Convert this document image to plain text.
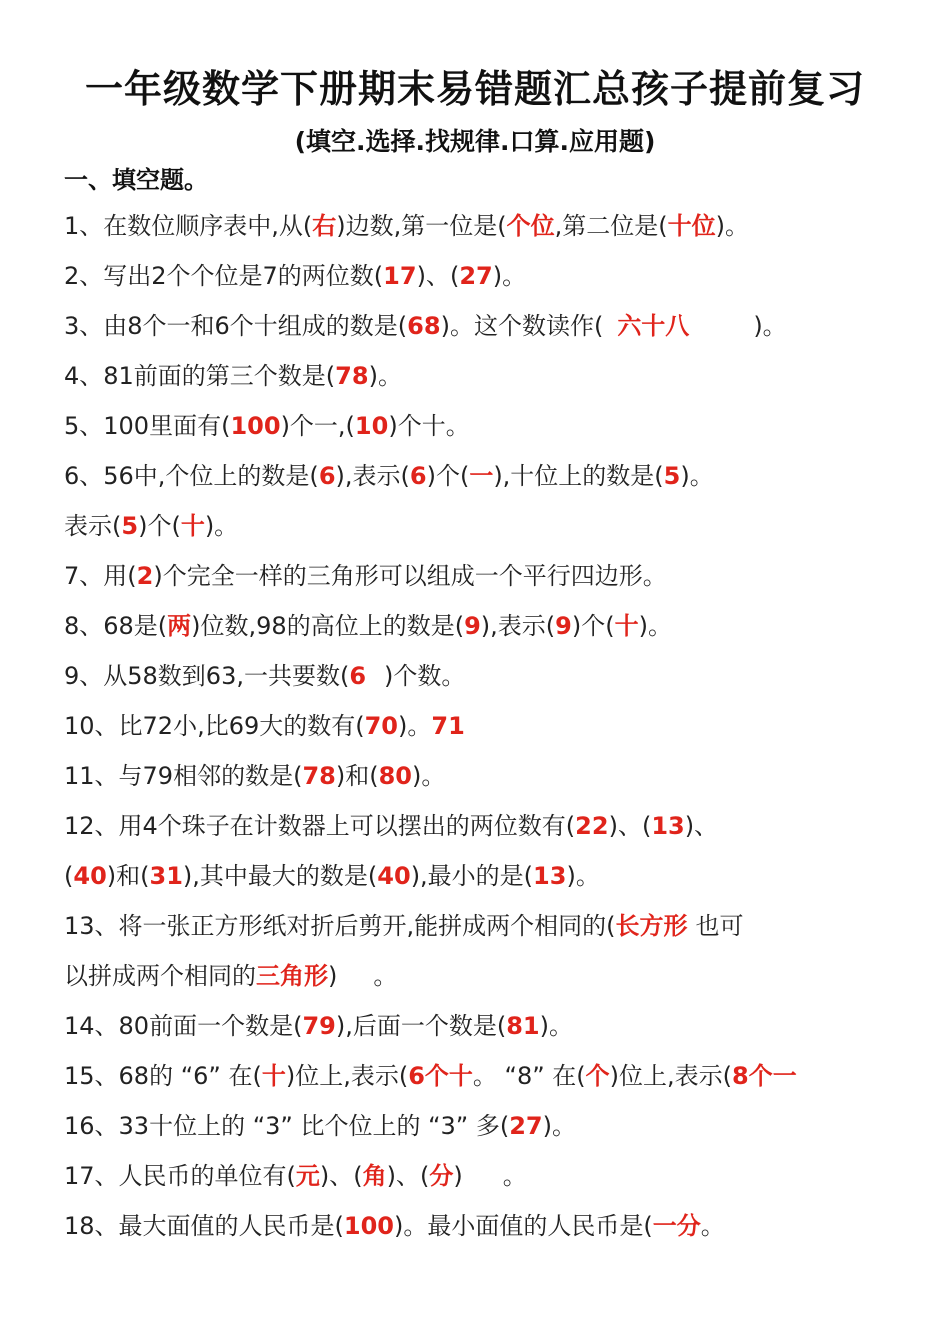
一年级数学下册期末易错题汇总孩子提前复习
(填空.选择.找规律.口算.应用题)
一、填空题。
1、在数位顺序表中,从(右)边数,第一位是(个位,第二位是(十位)。
2、写出2个个位是7的两位数(17)、(27)。
3、由8个一和6个十组成的数是(68)。这个数读作( 六十八	)。
4、81前面的第三个数是(78)。
5、100里面有(100)个一,(10)个十。
6、56中,个位上的数是(6),表示(6)个(一),十位上的数是(5)。
表示(5)个(十)。
7、用(2)个完全一样的三角形可以组成一个平行四边形。
8、68是(两)位数,98的高位上的数是(9),表示(9)个(十)。
9、从58数到63,一共要数(6 )个数。
10、比72小,比69大的数有(70)。71
11、与79相邻的数是(78)和(80)。
12、用4个珠子在计数器上可以摆出的两位数有(22)、(13)、
(40)和(31),其中最大的数是(40),最小的是(13)。
13、将一张正方形纸对折后剪开,能拼成两个相同的(长方形 也可
以拼成两个相同的三角形) 。
14、80前面一个数是(79),后面一个数是(81)。
15、68的 “6” 在(十)位上,表示(6个十。 “8” 在(个)位上,表示(8个一
16、33十位上的 “3” 比个位上的 “3” 多(27)。
17、人民币的单位有(元)、(角)、(分) 。
18、最大面值的人民币是(100)。最小面值的人民币是(一分。
